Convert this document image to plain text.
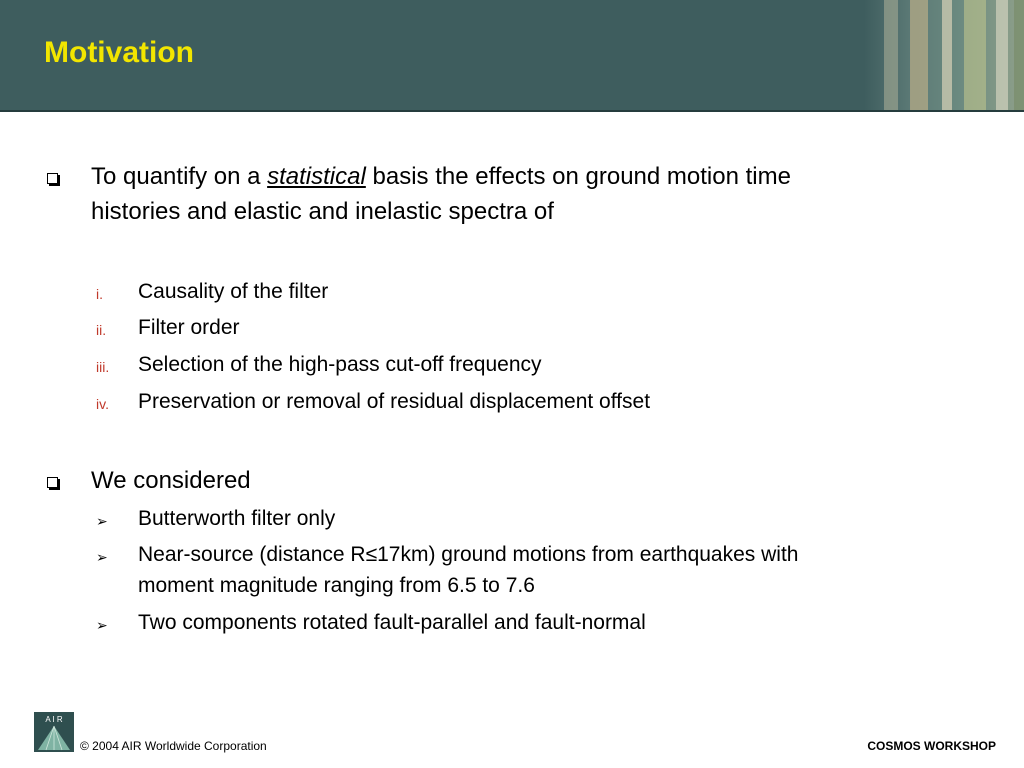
Motivation
To quantify on a statistical basis the effects on ground motion time
histories and elastic and inelastic spectra of
i.	Causality of the filter
ii.	Filter order
iii.	Selection of the high-pass cut-off frequency
iv.	Preservation or removal of residual displacement offset
We considered
➢ Butterworth filter only
➢ Near-source (distance R≤17km) ground motions from earthquakes with
moment magnitude ranging from 6.5 to 7.6
➢ Two components rotated fault-parallel and fault-normal
A I R
© 2004 AIR Worldwide Corporation	COSMOS WORKSHOP
